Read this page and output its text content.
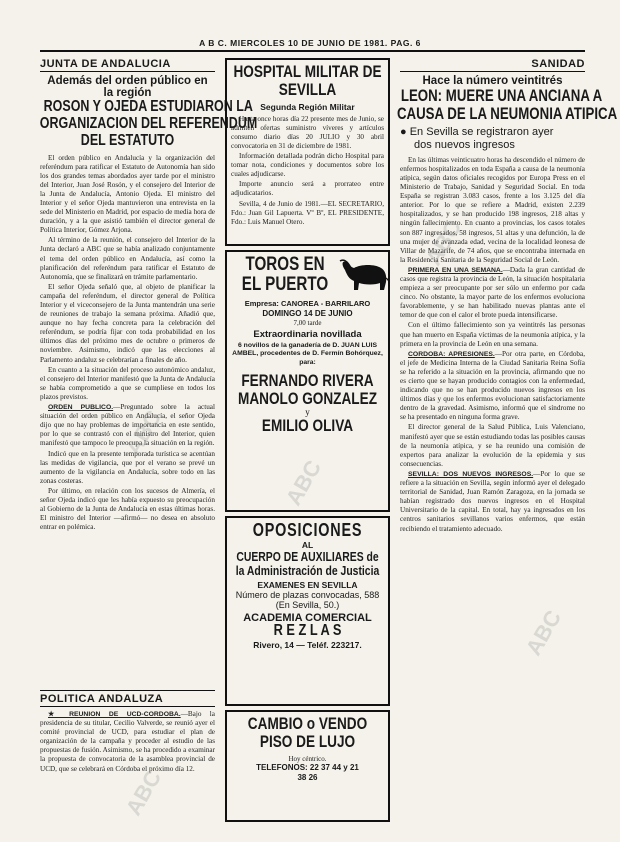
A B C. MIERCOLES 10 DE JUNIO DE 1981. PAG. 6
JUNTA DE ANDALUCIA
Además del orden público en
la región
ROSON Y OJEDA ESTUDIARON LA
ORGANIZACION DEL REFERENDUM
DEL ESTATUTO

El orden público en Andalucía y la organización del referéndum para ratificar el Estatuto de Autonomía han sido los dos grandes temas abordados ayer tarde por el ministro del Interior, Juan José Rosón, y el consejero del Interior de la Junta de Andalucía, Antonio Ojeda. El ministro del Interior y el señor Ojeda mantuvieron una entrevista en la sede del Ministerio en Madrid, por espacio de media hora de duración, y a la que asistió también el director general de Política Interior, Gómez Arjona.

Al término de la reunión, el consejero del Interior de la Junta declaró a ABC que se había analizado conjuntamente el tema del orden público en Andalucía, así como la planificación del referéndum para ratificar el Estatuto de Autonomía, que se finalizará en trámite parlamentario.

El señor Ojeda señaló que, al objeto de planificar la campaña del referéndum, el director general de Política Interior y el viceconsejero de la Junta mantendrán una serie de reuniones de trabajo la semana próxima. Añadió que, aunque no hay fecha concreta para la celebración del referéndum, se podría fijar con toda probabilidad en los últimos días del próximo mes de octubre o primeros de noviembre. Asimismo, indicó que las elecciones al Parlamento andaluz se celebrarían a finales de año.

En cuanto a la situación del proceso autonómico andaluz, el consejero del Interior manifestó que la Junta de Andalucía se había comprometido a que se cumpliese en todos los plazos previstos.

ORDEN PUBLICO.—Preguntado sobre la actual situación del orden público en Andalucía, el señor Ojeda dijo que no hay problemas de importancia en este sentido, por lo que se contrastó con el ministro del Interior, quien manifestó que tampoco le preocupa la situación en la región.

Indicó que en la presente temporada turística se acentúan las medidas de vigilancia, que por el verano se prevé un aumento de la vigilancia en Andalucía, sobre todo en las zonas costeras.

Por último, en relación con los sucesos de Almería, el señor Ojeda indicó que les había expuesto su preocupación al Gobierno de la Junta de Andalucía en estas últimas horas. El ministro del Interior —afirmó— no desea en absoluto entrar en polémica.

POLITICA ANDALUZA

★ REUNION DE UCD-CORDOBA.—Bajo la presidencia de su titular, Cecilio Valverde, se reunió ayer el comité provincial de UCD, para estudiar el plan de organización de la campaña y proceder al estudio de las propuestas de fusión. Asimismo, se ha procedido a examinar la propuesta de convocatoria de la asamblea provincial de UCD, que se celebrará en Córdoba el próximo día 12.

HOSPITAL MILITAR DE
SEVILLA
Segunda Región Militar

Hasta once horas día 22 presente mes de Junio, se admiten ofertas suministro víveres y artículos consumo diario días 20 JULIO y 30 abril convocatoria en 31 de diciembre de 1981.

Información detallada podrán dicho Hospital para tomar nota, condiciones y documentos sobre los cuales adjudicarse.

Importe anuncio será a prorrateo entre adjudicatarios.

Sevilla, 4 de Junio de 1981.—EL SECRETARIO, Fdo.: Juan Gil Lapuerta. Vº Bº, EL PRESIDENTE, Fdo.: Luis Manuel Otero.

TOROS EN
EL PUERTO
Empresa: CANOREA - BARRILARO
DOMINGO 14 DE JUNIO
7,00 tarde
Extraordinaria novillada
6 novillos de la ganadería de D. JUAN LUIS AMBEL, procedentes de D. Fermín Bohórquez, para:
FERNANDO RIVERA
MANOLO GONZALEZ
y
EMILIO OLIVA
OPOSICIONES
AL
CUERPO DE AUXILIARES de
la Administración de Justicia
EXAMENES EN SEVILLA
Número de plazas convocadas, 588 (En Sevilla, 50.)
ACADEMIA COMERCIAL
R E Z L A S
Rivero, 14 — Teléf. 223217.
CAMBIO o VENDO
PISO DE LUJO
Hoy céntrico.
TELEFONOS: 22 37 44 y 21 38 26
SANIDAD
Hace la número veintitrés
LEON: MUERE UNA ANCIANA A
CAUSA DE LA NEUMONIA ATIPICA
● En Sevilla se registraron ayer
dos nuevos ingresos

En las últimas veinticuatro horas ha descendido el número de enfermos hospitalizados en toda España a causa de la neumonía atípica, según datos oficiales recogidos por Europa Press en el Ministerio de Trabajo, Sanidad y Seguridad Social. En toda España se registran 3.083 casos, frente a los 3.125 del día anterior. Por lo que se refiere a Madrid, existen 2.239 hospitalizados, y se han producido 198 ingresos, 218 altas y ningún fallecimiento. En cuanto a provincias, los casos totales son 887 ingresados, 58 ingresos, 51 altas y una defunción, la de una mujer de avanzada edad, vecina de la localidad leonesa de Villar de Mazarife, de 74 años, que se encontraba internada en la Residencia Sanitaria de la Seguridad Social de León.

PRIMERA EN UNA SEMANA.—Dada la gran cantidad de casos que registra la provincia de León, la situación hospitalaria empieza a ser preocupante por ser sólo un enfermo por cada cinco. No obstante, la mayor parte de los enfermos evoluciona favorablemente, y se han habilitado nuevas plantas ante el temor de que con el calor el brote pueda intensificarse.

Con el último fallecimiento son ya veintitrés las personas que han muerto en España víctimas de la neumonía atípica, y la primera en la provincia de León en una semana.

CORDOBA: APRESIONES.—Por otra parte, en Córdoba, el jefe de Medicina Interna de la Ciudad Sanitaria Reina Sofía se ha referido a la situación en la provincia, afirmando que no es cierto que se hayan producido contagios con la enfermedad, indicando que no se han producido nuevos ingresos en los últimos días y que los enfermos evolucionan satisfactoriamente dentro de la gravedad. Asimismo, informó que el síndrome no se ha presentado en ninguna forma grave.

El director general de la Salud Pública, Luis Valenciano, manifestó ayer que se están estudiando todas las posibles causas de la neumonía atípica, y se ha reunido una comisión de expertos para analizar la evolución de la epidemia y sus consecuencias.

SEVILLA: DOS NUEVOS INGRESOS.—Por lo que se refiere a la situación en Sevilla, según informó ayer el delegado territorial de Sanidad, Juan Ramón Zaragoza, en la jornada se habían registrado dos nuevos ingresos en el Hospital Universitario de la capital. En total, hay ya ingresados en los centros sanitarios sevillanos varios enfermos, que están recibiendo el tratamiento adecuado.

ABC
ABC
ABC
ABC
ABC
